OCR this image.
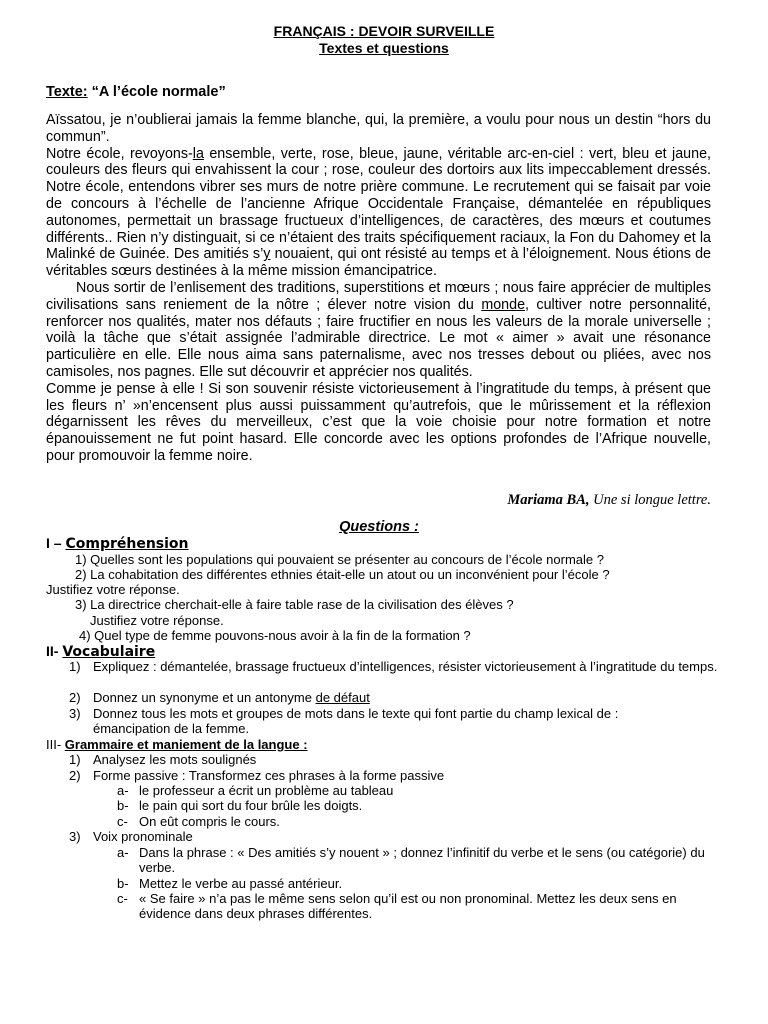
FRANÇAIS : DEVOIR SURVEILLE
Textes et questions
Texte: “A l’école normale”

Aïssatou, je n’oublierai jamais la femme blanche, qui, la première, a voulu pour nous un destin “hors du commun”.

Notre école, revoyons-la ensemble, verte, rose, bleue, jaune, véritable arc-en-ciel : vert, bleu et jaune, couleurs des fleurs qui envahissent la cour ; rose, couleur des dortoirs aux lits impeccablement dressés. Notre école, entendons vibrer ses murs de notre prière commune. Le recrutement qui se faisait par voie de concours à l’échelle de l’ancienne Afrique Occidentale Française, démantelée en républiques autonomes, permettait un brassage fructueux d’intelligences, de caractères, des mœurs et coutumes différents.. Rien n’y distinguait, si ce n’étaient des traits spécifiquement raciaux, la Fon du Dahomey et la Malinké de Guinée. Des amitiés s’y nouaient, qui ont résisté au temps et à l’éloignement. Nous étions de véritables sœurs destinées à la même mission émancipatrice.

Nous sortir de l’enlisement des traditions, superstitions et mœurs ; nous faire apprécier de multiples civilisations sans reniement de la nôtre ; élever notre vision du monde, cultiver notre personnalité, renforcer nos qualités, mater nos défauts ; faire fructifier en nous les valeurs de la morale universelle ; voilà la tâche que s’était assignée l’admirable directrice. Le mot « aimer » avait une résonance particulière en elle. Elle nous aima sans paternalisme, avec nos tresses debout ou pliées, avec nos camisoles, nos pagnes. Elle sut découvrir et apprécier nos qualités.

Comme je pense à elle ! Si son souvenir résiste victorieusement à l’ingratitude du temps, à présent que les fleurs n’ »n’encensent plus aussi puissamment qu’autrefois, que le mûrissement et la réflexion dégarnissent les rêves du merveilleux, c’est que la voie choisie pour notre formation et notre épanouissement ne fut point hasard. Elle concorde avec les options profondes de l’Afrique nouvelle, pour promouvoir la femme noire.

Mariama BA, Une si longue lettre.
Questions :
I – Compréhension
1) Quelles sont les populations qui pouvaient se présenter au concours de l’école normale ?
2) La cohabitation des différentes ethnies était-elle un atout ou un inconvénient pour l’école ?
Justifiez votre réponse.
3) La directrice cherchait-elle à faire table rase de la civilisation des élèves ?
Justifiez votre réponse.
4) Quel type de femme pouvons-nous avoir à la fin de la formation ?
II- Vocabulaire
1) Expliquez : démantelée, brassage fructueux d’intelligences, résister victorieusement à l’ingratitude du temps.
2) Donnez un synonyme et un antonyme de défaut
3) Donnez tous les mots et groupes de mots dans le texte qui font partie du champ lexical de : émancipation de la femme.
III- Grammaire et maniement de la langue :
1) Analysez les mots soulignés
2) Forme passive : Transformez ces phrases à la forme passive
a- le professeur a écrit un problème au tableau
b- le pain qui sort du four brûle les doigts.
c- On eût compris le cours.
3) Voix pronominale
a- Dans la phrase : « Des amitiés s’y nouent » ; donnez l’infinitif du verbe et le sens (ou catégorie) du verbe.
b- Mettez le verbe au passé antérieur.
c- « Se faire » n’a pas le même sens selon qu’il est ou non pronominal. Mettez les deux sens en évidence dans deux phrases différentes.
